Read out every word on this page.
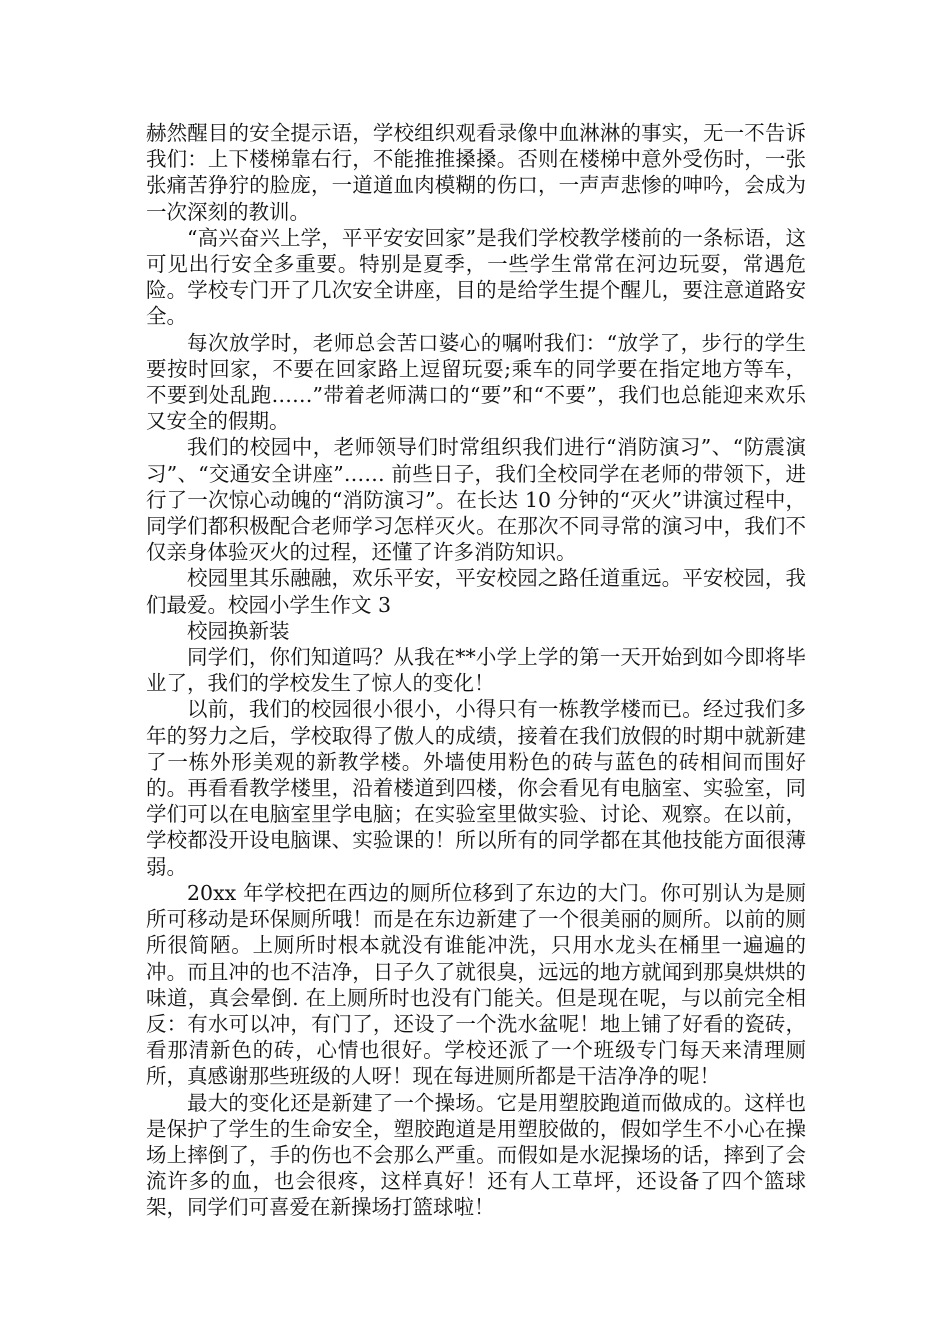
赫然醒目的安全提示语，学校组织观看录像中血淋淋的事实，无一不告诉我们：上下楼梯靠右行，不能推推搡搡。否则在楼梯中意外受伤时，一张张痛苦狰狞的脸庞，一道道血肉模糊的伤口，一声声悲惨的呻吟，会成为一次深刻的教训。

“高兴奋兴上学，平平安安回家”是我们学校教学楼前的一条标语，这可见出行安全多重要。特别是夏季，一些学生常常在河边玩耍，常遇危险。学校专门开了几次安全讲座，目的是给学生提个醒儿，要注意道路安全。

每次放学时，老师总会苦口婆心的嘱咐我们：“放学了，步行的学生要按时回家，不要在回家路上逗留玩耍;乘车的同学要在指定地方等车，不要到处乱跑……”带着老师满口的“要”和“不要”，我们也总能迎来欢乐又安全的假期。

我们的校园中，老师领导们时常组织我们进行“消防演习”、“防震演习”、“交通安全讲座”…… 前些日子，我们全校同学在老师的带领下，进行了一次惊心动魄的“消防演习”。在长达 10 分钟的“灭火”讲演过程中，同学们都积极配合老师学习怎样灭火。在那次不同寻常的演习中，我们不仅亲身体验灭火的过程，还懂了许多消防知识。

校园里其乐融融，欢乐平安，平安校园之路任道重远。平安校园，我们最爱。校园小学生作文 3

校园换新装

同学们，你们知道吗？从我在**小学上学的第一天开始到如今即将毕业了，我们的学校发生了惊人的变化！

以前，我们的校园很小很小，小得只有一栋教学楼而已。经过我们多年的努力之后，学校取得了傲人的成绩，接着在我们放假的时期中就新建了一栋外形美观的新教学楼。外墙使用粉色的砖与蓝色的砖相间而围好的。再看看教学楼里，沿着楼道到四楼，你会看见有电脑室、实验室，同学们可以在电脑室里学电脑；在实验室里做实验、讨论、观察。在以前，学校都没开设电脑课、实验课的！所以所有的同学都在其他技能方面很薄弱。

20xx 年学校把在西边的厕所位移到了东边的大门。你可别认为是厕所可移动是环保厕所哦！而是在东边新建了一个很美丽的厕所。以前的厕所很简陋。上厕所时根本就没有谁能冲洗，只用水龙头在桶里一遍遍的冲。而且冲的也不洁净，日子久了就很臭，远远的地方就闻到那臭烘烘的味道，真会晕倒. 在上厕所时也没有门能关。但是现在呢，与以前完全相反：有水可以冲，有门了，还设了一个洗水盆呢！地上铺了好看的瓷砖，看那清新色的砖，心情也很好。学校还派了一个班级专门每天来清理厕所，真感谢那些班级的人呀！现在每进厕所都是干洁净净的呢！

最大的变化还是新建了一个操场。它是用塑胶跑道而做成的。这样也是保护了学生的生命安全，塑胶跑道是用塑胶做的，假如学生不小心在操场上摔倒了，手的伤也不会那么严重。而假如是水泥操场的话，摔到了会流许多的血，也会很疼，这样真好！还有人工草坪，还设备了四个篮球架，同学们可喜爱在新操场打篮球啦！
